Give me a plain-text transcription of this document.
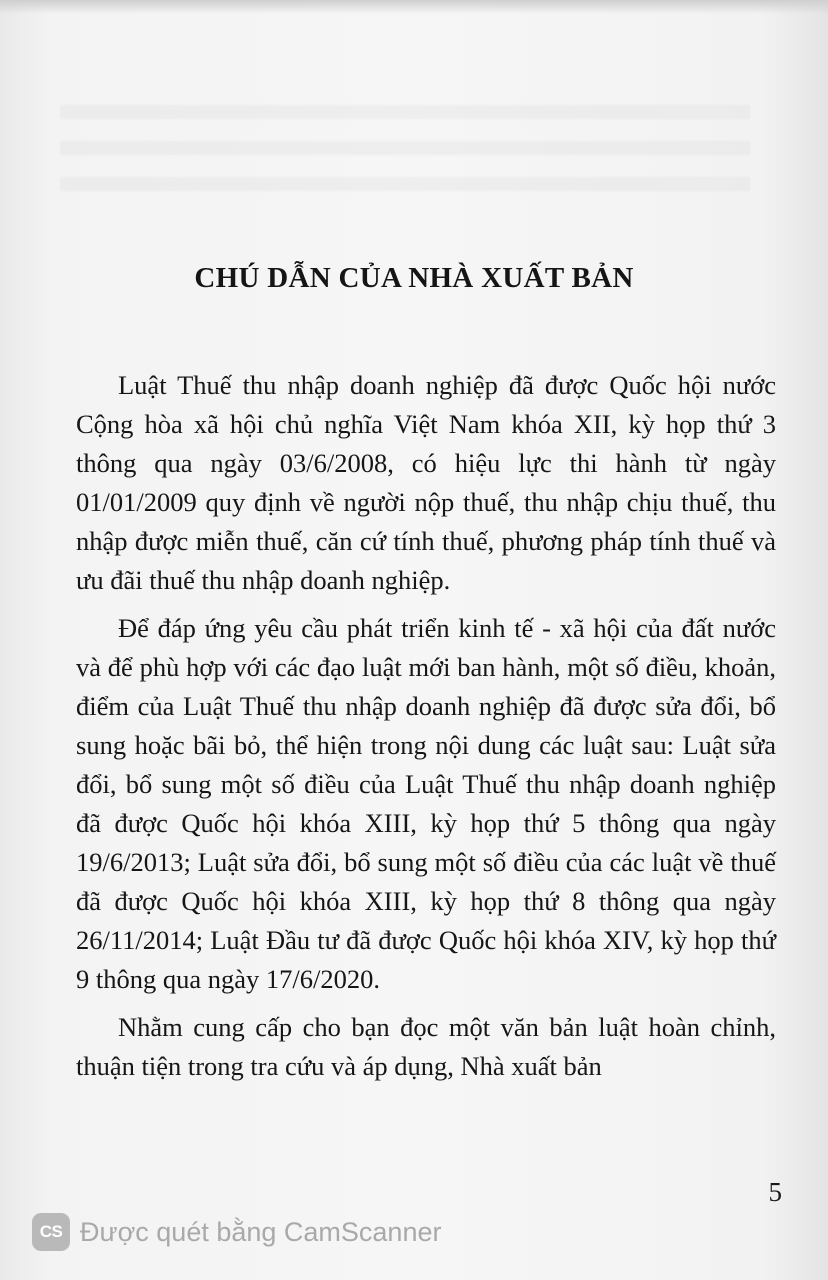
CHÚ DẪN CỦA NHÀ XUẤT BẢN

Luật Thuế thu nhập doanh nghiệp đã được Quốc hội nước Cộng hòa xã hội chủ nghĩa Việt Nam khóa XII, kỳ họp thứ 3 thông qua ngày 03/6/2008, có hiệu lực thi hành từ ngày 01/01/2009 quy định về người nộp thuế, thu nhập chịu thuế, thu nhập được miễn thuế, căn cứ tính thuế, phương pháp tính thuế và ưu đãi thuế thu nhập doanh nghiệp.

Để đáp ứng yêu cầu phát triển kinh tế - xã hội của đất nước và để phù hợp với các đạo luật mới ban hành, một số điều, khoản, điểm của Luật Thuế thu nhập doanh nghiệp đã được sửa đổi, bổ sung hoặc bãi bỏ, thể hiện trong nội dung các luật sau: Luật sửa đổi, bổ sung một số điều của Luật Thuế thu nhập doanh nghiệp đã được Quốc hội khóa XIII, kỳ họp thứ 5 thông qua ngày 19/6/2013; Luật sửa đổi, bổ sung một số điều của các luật về thuế đã được Quốc hội khóa XIII, kỳ họp thứ 8 thông qua ngày 26/11/2014; Luật Đầu tư đã được Quốc hội khóa XIV, kỳ họp thứ 9 thông qua ngày 17/6/2020.

Nhằm cung cấp cho bạn đọc một văn bản luật hoàn chỉnh, thuận tiện trong tra cứu và áp dụng, Nhà xuất bản

5
CS Được quét bằng CamScanner
